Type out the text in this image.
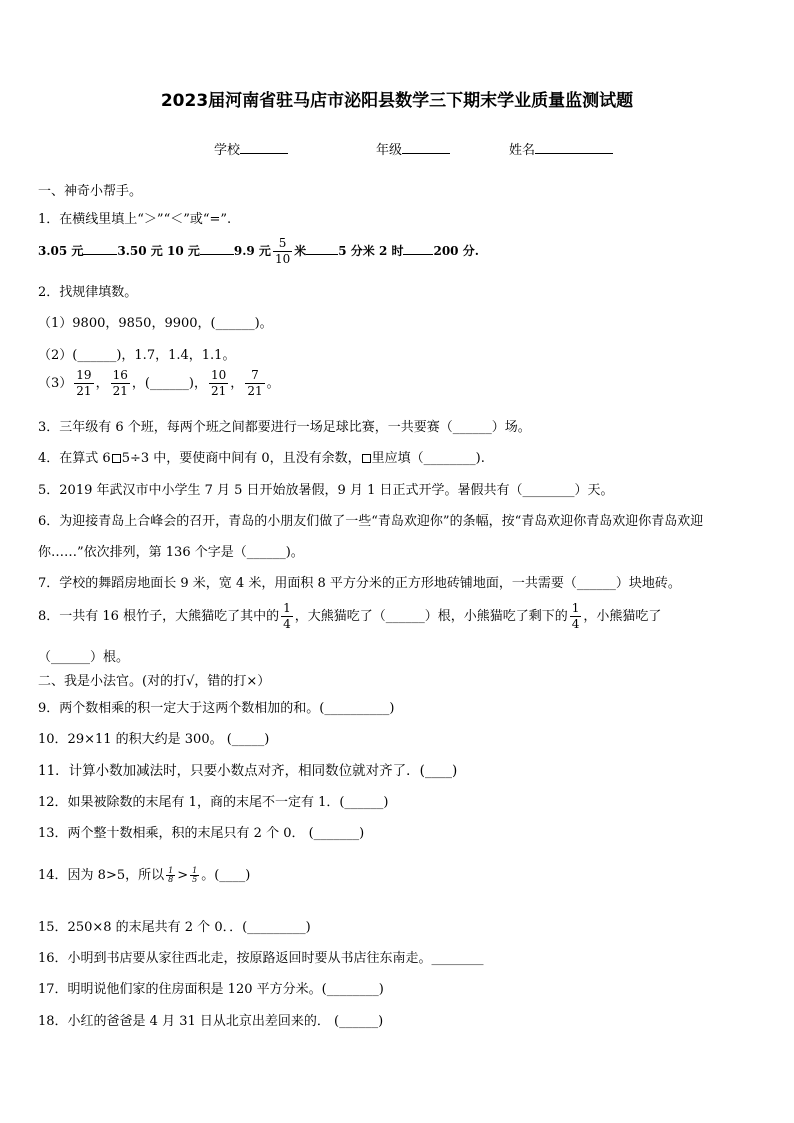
2023届河南省驻马店市泌阳县数学三下期末学业质量监测试题
学校	年级	姓名
一、神奇小帮手。
1．在横线里填上“＞”“＜”或“=”.
3.05 元	3.50 元 10 元	9.9 元 $\frac{5}{10}$ 米	5 分米 2 时	200 分.
2．找规律填数。
（1）9800，9850，9900，(______)。
（2）(______)，1.7，1.4，1.1。
$(3) \frac{19}{21}$ ， $\frac{16}{21}$ ，(______)， $\frac{10}{21}$ ， $\frac{7}{21}$ 。
3．三年级有 6 个班，每两个班之间都要进行一场足球比赛，一共要赛（______）场。
4．在算式 6 5÷3 中，要使商中间有 0，且没有余数， 里应填（________).
5．2019 年武汉市中小学生 7 月 5 日开始放暑假，9 月 1 日正式开学。暑假共有（________）天。
6．为迎接青岛上合峰会的召开，青岛的小朋友们做了一些“青岛欢迎你”的条幅，按“青岛欢迎你青岛欢迎你青岛欢迎
你……”依次排列，第 136 个字是（______)。
7．学校的舞蹈房地面长 9 米，宽 4 米，用面积 8 平方分米的正方形地砖铺地面，一共需要（______）块地砖。
8．一共有 16 根竹子，大熊猫吃了其中的 $\frac{1}{4}$ ，大熊猫吃了（______）根，小熊猫吃了剩下的 $\frac{1}{4}$ ，小熊猫吃了
（______）根。
二、我是小法官。(对的打√，错的打×）
9．两个数相乘的积一定大于这两个数相加的和。(__________)
10．29×11 的积大约是 300。 (_____)
11．计算小数加减法时，只要小数点对齐，相同数位就对齐了．(____)
12．如果被除数的末尾有 1，商的末尾不一定有 1．(______)
13．两个整十数相乘，积的末尾只有 2 个 0． (_______)
14．因为 8>5，所以 $\frac{1}{8} > \frac{1}{5}$ 。(____)
15．250×8 的末尾共有 2 个 0．．(_________)
16．小明到书店要从家往西北走，按原路返回时要从书店往东南走。________
17．明明说他们家的住房面积是 120 平方分米。(________)
18．小红的爸爸是 4 月 31 日从北京出差回来的． (______)
